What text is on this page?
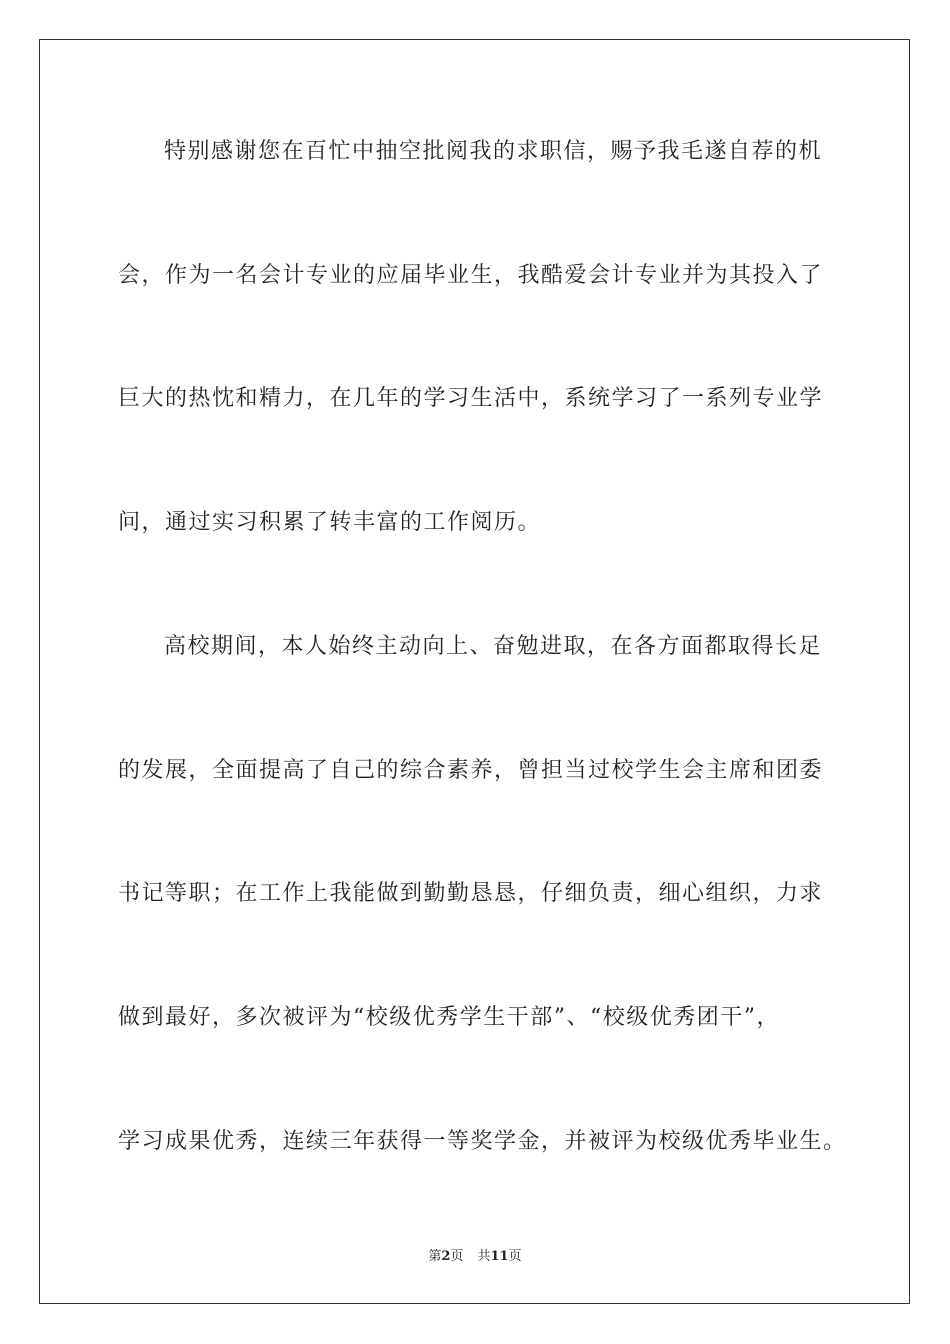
特别感谢您在百忙中抽空批阅我的求职信，赐予我毛遂自荐的机
会，作为一名会计专业的应届毕业生，我酷爱会计专业并为其投入了
巨大的热忱和精力，在几年的学习生活中，系统学习了一系列专业学
问，通过实习积累了转丰富的工作阅历。
高校期间，本人始终主动向上、奋勉进取，在各方面都取得长足
的发展，全面提高了自己的综合素养，曾担当过校学生会主席和团委
书记等职；在工作上我能做到勤勤恳恳，仔细负责，细心组织，力求
做到最好，多次被评为“校级优秀学生干部”、“校级优秀团干”，
学习成果优秀，连续三年获得一等奖学金，并被评为校级优秀毕业生。
第2页 共11页
